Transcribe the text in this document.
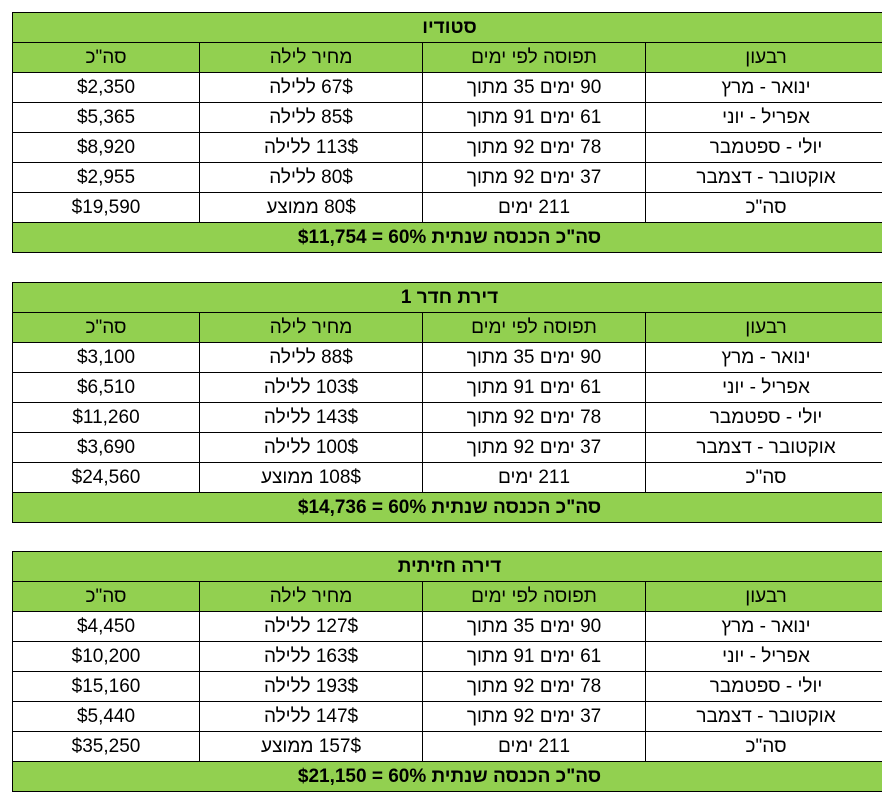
סטודיו			
רבעון	תפוסה לפי ימים	מחיר לילה	סה"כ
ינואר - מרץ	90 ימים 35 מתוך	67$ ללילה	$2,350
אפריל - יוני	61 ימים 91 מתוך	85$ ללילה	$5,365
יולי - ספטמבר	78 ימים 92 מתוך	113$ ללילה	$8,920
אוקטובר - דצמבר	37 ימים 92 מתוך	80$ ללילה	$2,955
סה"כ	211 ימים	80$ ממוצע	$19,590
סה"כ הכנסה שנתית 60% = $11,754			
דירת חדר 1			
רבעון	תפוסה לפי ימים	מחיר לילה	סה"כ
ינואר - מרץ	90 ימים 35 מתוך	88$ ללילה	$3,100
אפריל - יוני	61 ימים 91 מתוך	103$ ללילה	$6,510
יולי - ספטמבר	78 ימים 92 מתוך	143$ ללילה	$11,260
אוקטובר - דצמבר	37 ימים 92 מתוך	100$ ללילה	$3,690
סה"כ	211 ימים	108$ ממוצע	$24,560
סה"כ הכנסה שנתית 60% = $14,736			
דירה חזיתית			
רבעון	תפוסה לפי ימים	מחיר לילה	סה"כ
ינואר - מרץ	90 ימים 35 מתוך	127$ ללילה	$4,450
אפריל - יוני	61 ימים 91 מתוך	163$ ללילה	$10,200
יולי - ספטמבר	78 ימים 92 מתוך	193$ ללילה	$15,160
אוקטובר - דצמבר	37 ימים 92 מתוך	147$ ללילה	$5,440
סה"כ	211 ימים	157$ ממוצע	$35,250
סה"כ הכנסה שנתית 60% = $21,150			
